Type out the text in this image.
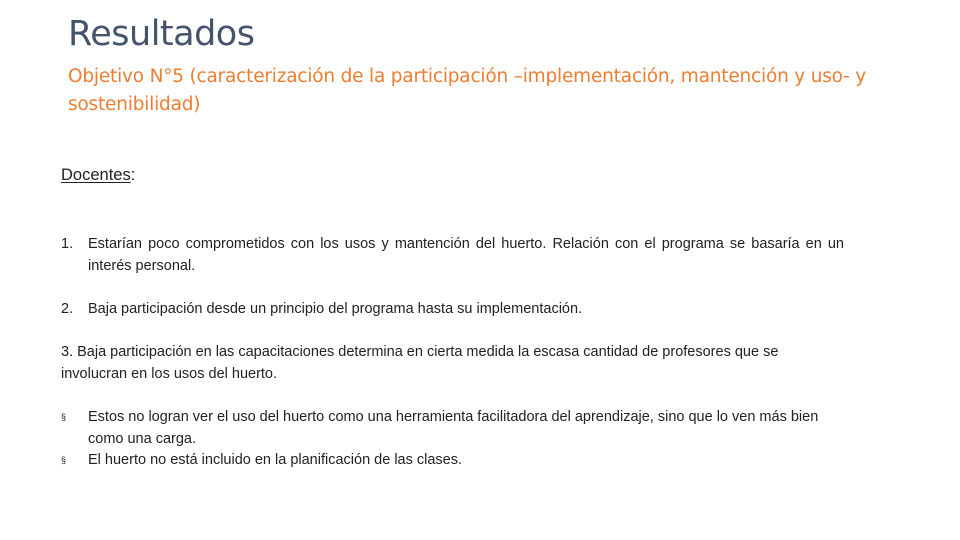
Resultados
Objetivo N°5 (caracterización de la participación –implementación, mantención y uso- y sostenibilidad)
Docentes:
1.	Estarían poco comprometidos con los usos y mantención del huerto. Relación con el programa se basaría en un interés personal.
2.	Baja participación desde un principio del programa hasta su implementación.
3. Baja participación en las capacitaciones determina en cierta medida la escasa cantidad de profesores que se involucran en los usos del huerto.
§	Estos no logran ver el uso del huerto como una herramienta facilitadora del aprendizaje, sino que lo ven más bien como una carga.
§	El huerto no está incluido en la planificación de las clases.
